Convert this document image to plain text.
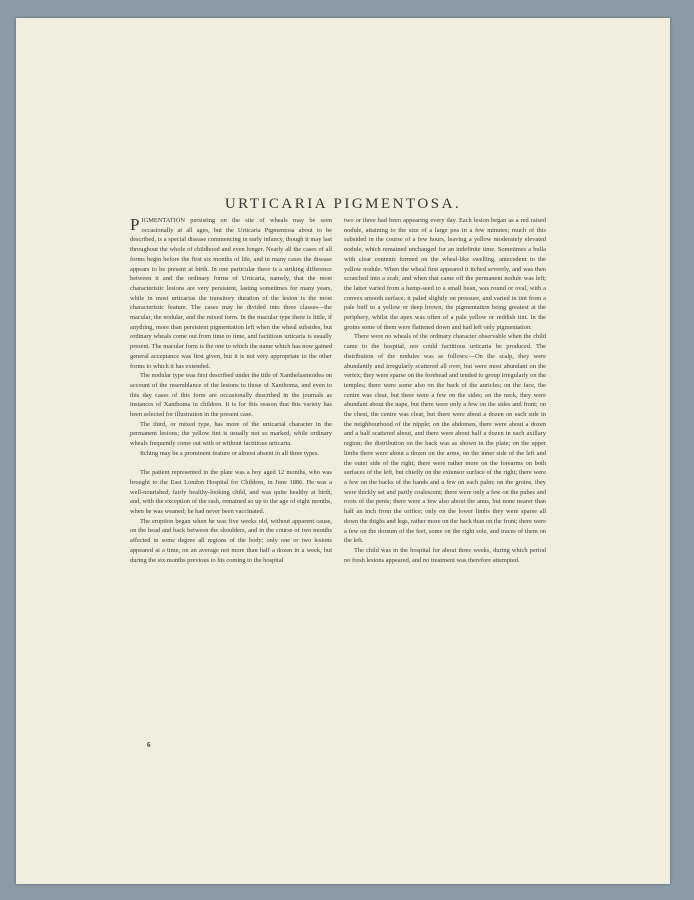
URTICARIA PIGMENTOSA.

PIGMENTATION persisting on the site of wheals may be seen occasionally at all ages, but the Urticaria Pigmentosa about to be described, is a special disease commencing in early infancy, though it may last throughout the whole of childhood and even longer. Nearly all the cases of all forms begin before the first six months of life, and in many cases the disease appears to be present at birth. In one particular there is a striking difference between it and the ordinary forms of Urticaria, namely, that the most characteristic lesions are very persistent, lasting sometimes for many years, while in most urticarias the transitory duration of the lesion is the most characteristic feature. The cases may be divided into three classes—the macular, the nodular, and the mixed form. In the macular type there is little, if anything, more than persistent pigmentation left when the wheal subsides, but ordinary wheals come out from time to time, and factitious urticaria is usually present. The macular form is the one to which the name which has now gained general acceptance was first given, but it is not very appropriate to the other forms to which it has extended.

The nodular type was first described under the title of Xanthelasmoidea on account of the resemblance of the lesions to those of Xanthoma, and even to this day cases of this form are occasionally described in the journals as instances of Xanthoma in children. It is for this reason that this variety has been selected for illustration in the present case.

The third, or mixed type, has more of the urticarial character in the permanent lesions; the yellow tint is usually not so marked, while ordinary wheals frequently come out with or without factitious urticaria.

Itching may be a prominent feature or almost absent in all three types.

The patient represented in the plate was a boy aged 12 months, who was brought to the East London Hospital for Children, in June 1886. He was a well-nourished, fairly healthy-looking child, and was quite healthy at birth, and, with the exception of the rash, remained so up to the age of eight months, when he was weaned; he had never been vaccinated.

The eruption began when he was five weeks old, without apparent cause, on the head and back between the shoulders, and in the course of two months affected in some degree all regions of the body; only one or two lesions appeared at a time, on an average not more than half a dozen in a week, but during the six months previous to his coming to the hospital

two or three had been appearing every day. Each lesion began as a red raised nodule, attaining to the size of a large pea in a few minutes; much of this subsided in the course of a few hours, leaving a yellow moderately elevated nodule, which remained unchanged for an indefinite time. Sometimes a bulla with clear contents formed on the wheal-like swelling, antecedent to the yellow nodule. When the wheal first appeared it itched severely, and was then scratched into a scab, and when that came off the permanent nodule was left; the latter varied from a hemp-seed to a small bean, was round or oval, with a convex smooth surface; it paled slightly on pressure, and varied in tint from a pale buff to a yellow or deep brown, the pigmentation being greatest at the periphery, whilst the apex was often of a pale yellow or reddish tint. In the groins some of them were flattened down and had left only pigmentation.

There were no wheals of the ordinary character observable when the child came to the hospital, nor could factitious urticaria be produced. The distribution of the nodules was as follows:—On the scalp, they were abundantly and irregularly scattered all over, but were most abundant on the vertex; they were sparse on the forehead and tended to group irregularly on the temples; there were some also on the back of the auricles; on the face, the centre was clear, but there were a few on the sides; on the neck, they were abundant about the nape, but there were only a few on the sides and front; on the chest, the centre was clear, but there were about a dozen on each side in the neighbourhood of the nipple; on the abdomen, there were about a dozen and a half scattered about, and there were about half a dozen in each axillary region; the distribution on the back was as shown in the plate; on the upper limbs there were about a dozen on the arms, on the inner side of the left and the outer side of the right; there were rather more on the forearms on both surfaces of the left, but chiefly on the extensor surface of the right; there were a few on the backs of the hands and a few on each palm; on the groins, they were thickly set and partly coalescent; there were only a few on the pubes and roots of the penis; there were a few also about the anus, but none nearer than half an inch from the orifice; only on the lower limbs they were sparse all down the thighs and legs, rather more on the back than on the front; there were a few on the dorsum of the feet, some on the right sole, and traces of them on the left.

The child was in the hospital for about three weeks, during which period no fresh lesions appeared, and no treatment was therefore attempted.

6
